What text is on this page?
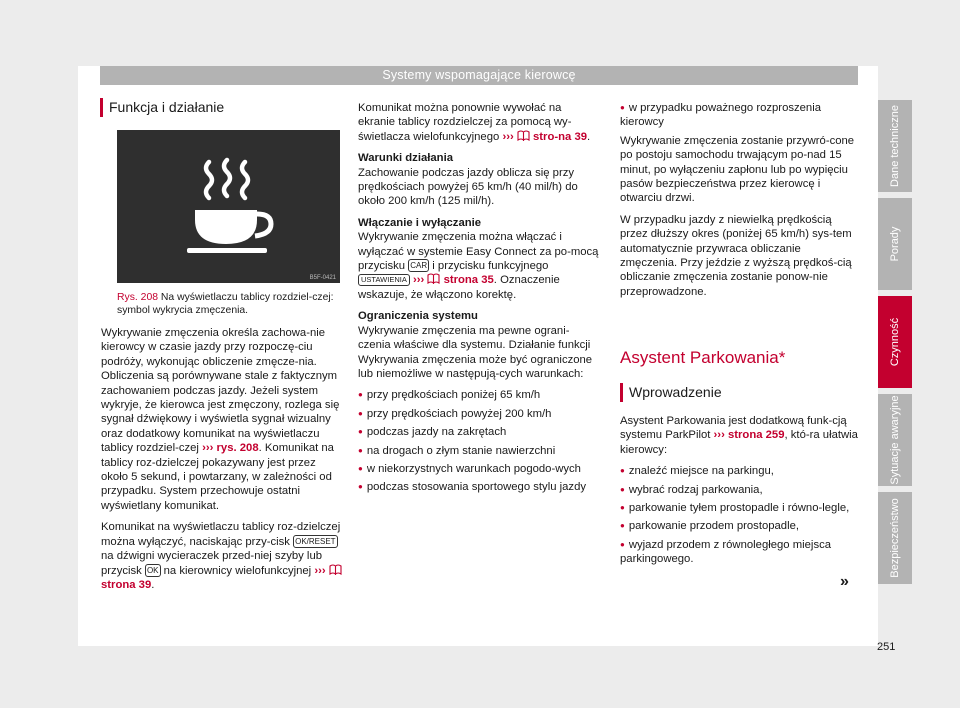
Systemy wspomagające kierowcę
Funkcja i działanie
B5F-0421
Rys. 208 Na wyświetlaczu tablicy rozdziel-czej: symbol wykrycia zmęczenia.

Wykrywanie zmęczenia określa zachowa-nie kierowcy w czasie jazdy przy rozpoczę-ciu podróży, wykonując obliczenie zmęcze-nia. Obliczenia są porównywane stale z faktycznym zachowaniem podczas jazdy. Jeżeli system wykryje, że kierowca jest zmęczony, rozlega się sygnał dźwiękowy i wyświetla sygnał wizualny oraz dodatkowy komunikat na wyświetlaczu tablicy rozdziel-czej ››› rys. 208. Komunikat na tablicy roz-dzielczej pokazywany jest przez około 5 sekund, i powtarzany, w zależności od przypadku. System przechowuje ostatni wyświetlany komunikat.

Komunikat na wyświetlaczu tablicy roz-dzielczej można wyłączyć, naciskając przy-cisk OK/RESET na dźwigni wycieraczek przed-niej szyby lub przycisk OK na kierownicy wielofunkcyjnej ›››  strona 39.

Komunikat można ponownie wywołać na ekranie tablicy rozdzielczej za pomocą wy-świetlacza wielofunkcyjnego ››› stro-na 39.

Warunki działania

Zachowanie podczas jazdy oblicza się przy prędkościach powyżej 65 km/h (40 mil/h) do około 200 km/h (125 mil/h).

Włączanie i wyłączanie

Wykrywanie zmęczenia można włączać i wyłączać w systemie Easy Connect za po-mocą przycisku CAR i przycisku funkcyjnego USTAWIENIA ››› strona 35. Oznaczenie wskazuje, że włączono korektę.

Ograniczenia systemu

Wykrywanie zmęczenia ma pewne ograni-czenia właściwe dla systemu. Działanie funkcji Wykrywania zmęczenia może być ograniczone lub niemożliwe w następują-cych warunkach:

● przy prędkościach poniżej 65 km/h
● przy prędkościach powyżej 200 km/h
● podczas jazdy na zakrętach
● na drogach o złym stanie nawierzchni
● w niekorzystnych warunkach pogodo-wych
● podczas stosowania sportowego stylu jazdy
● w przypadku poważnego rozproszenia kierowcy

Wykrywanie zmęczenia zostanie przywró-cone po postoju samochodu trwającym po-nad 15 minut, po wyłączeniu zapłonu lub po wypięciu pasów bezpieczeństwa przez kierowcę i otwarciu drzwi.

W przypadku jazdy z niewielką prędkością przez dłuższy okres (poniżej 65 km/h) sys-tem automatycznie przywraca obliczanie zmęczenia. Przy jeździe z wyższą prędkoś-cią obliczanie zmęczenia zostanie ponow-nie przeprowadzone.

Asystent Parkowania*
Wprowadzenie

Asystent Parkowania jest dodatkową funk-cją systemu ParkPilot ››› strona 259, któ-ra ułatwia kierowcy:

● znaleźć miejsce na parkingu,
● wybrać rodzaj parkowania,
● parkowanie tyłem prostopadle i równo-legle,
● parkowanie przodem prostopadle,
● wyjazd przodem z równoległego miejsca parkingowego.
»
251
Dane techniczne
Porady
Czynność
Sytuacje awaryjne
Bezpieczeństwo
